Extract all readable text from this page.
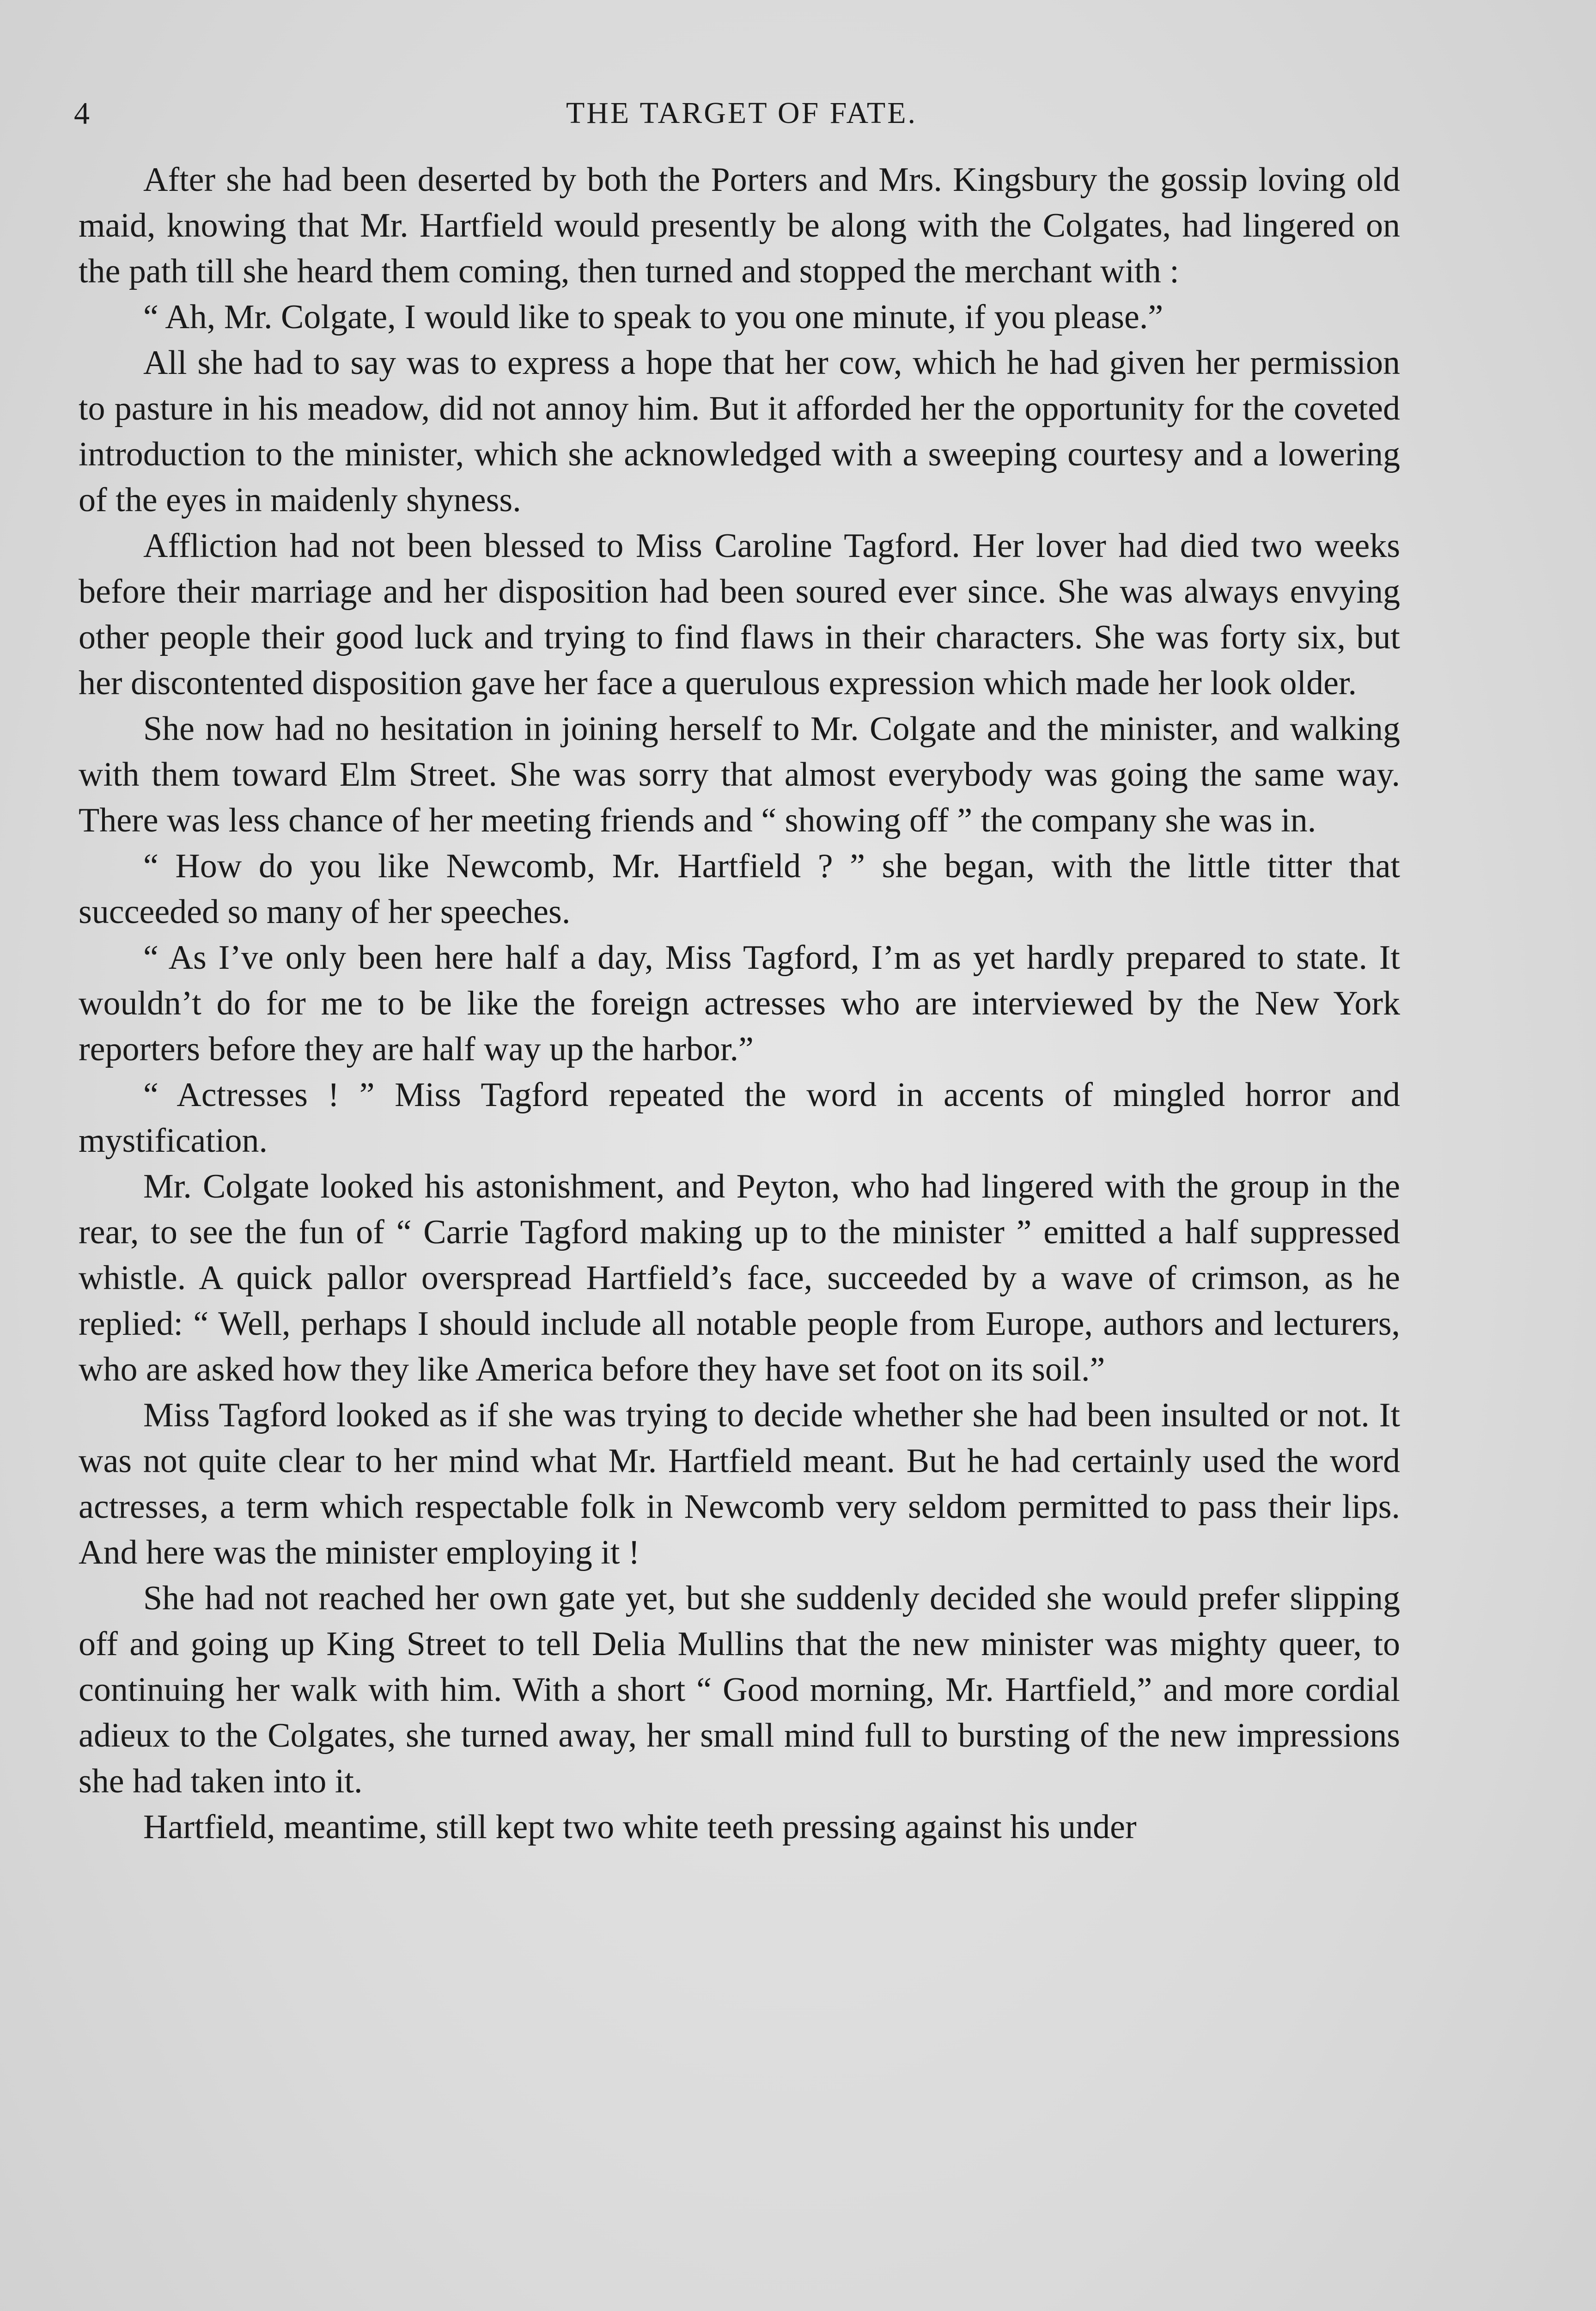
4	THE TARGET OF FATE.

After she had been deserted by both the Porters and Mrs. Kingsbury the gossip loving old maid, knowing that Mr. Hartfield would presently be along with the Colgates, had lingered on the path till she heard them coming, then turned and stopped the merchant with :

“ Ah, Mr. Colgate, I would like to speak to you one minute, if you please.”

All she had to say was to express a hope that her cow, which he had given her permission to pasture in his meadow, did not annoy him. But it afforded her the opportunity for the coveted introduction to the minister, which she acknowledged with a sweeping courtesy and a lowering of the eyes in maidenly shyness.

Affliction had not been blessed to Miss Caroline Tagford. Her lover had died two weeks before their marriage and her disposition had been soured ever since. She was always envying other people their good luck and trying to find flaws in their characters. She was forty six, but her discontented disposition gave her face a querulous expression which made her look older.

She now had no hesitation in joining herself to Mr. Colgate and the minister, and walking with them toward Elm Street. She was sorry that almost everybody was going the same way. There was less chance of her meeting friends and “ showing off ” the company she was in.

“ How do you like Newcomb, Mr. Hartfield ? ” she began, with the little titter that succeeded so many of her speeches.

“ As I’ve only been here half a day, Miss Tagford, I’m as yet hardly prepared to state. It wouldn’t do for me to be like the foreign actresses who are interviewed by the New York reporters before they are half way up the harbor.”

“ Actresses ! ” Miss Tagford repeated the word in accents of mingled horror and mystification.

Mr. Colgate looked his astonishment, and Peyton, who had lingered with the group in the rear, to see the fun of “ Carrie Tagford making up to the minister ” emitted a half suppressed whistle. A quick pallor overspread Hartfield’s face, succeeded by a wave of crimson, as he replied: “ Well, perhaps I should include all notable people from Europe, authors and lecturers, who are asked how they like America before they have set foot on its soil.”

Miss Tagford looked as if she was trying to decide whether she had been insulted or not. It was not quite clear to her mind what Mr. Hartfield meant. But he had certainly used the word actresses, a term which respectable folk in Newcomb very seldom permitted to pass their lips. And here was the minister employing it !

She had not reached her own gate yet, but she suddenly decided she would prefer slipping off and going up King Street to tell Delia Mullins that the new minister was mighty queer, to continuing her walk with him. With a short “ Good morning, Mr. Hartfield,” and more cordial adieux to the Colgates, she turned away, her small mind full to bursting of the new impressions she had taken into it.

Hartfield, meantime, still kept two white teeth pressing against his under
